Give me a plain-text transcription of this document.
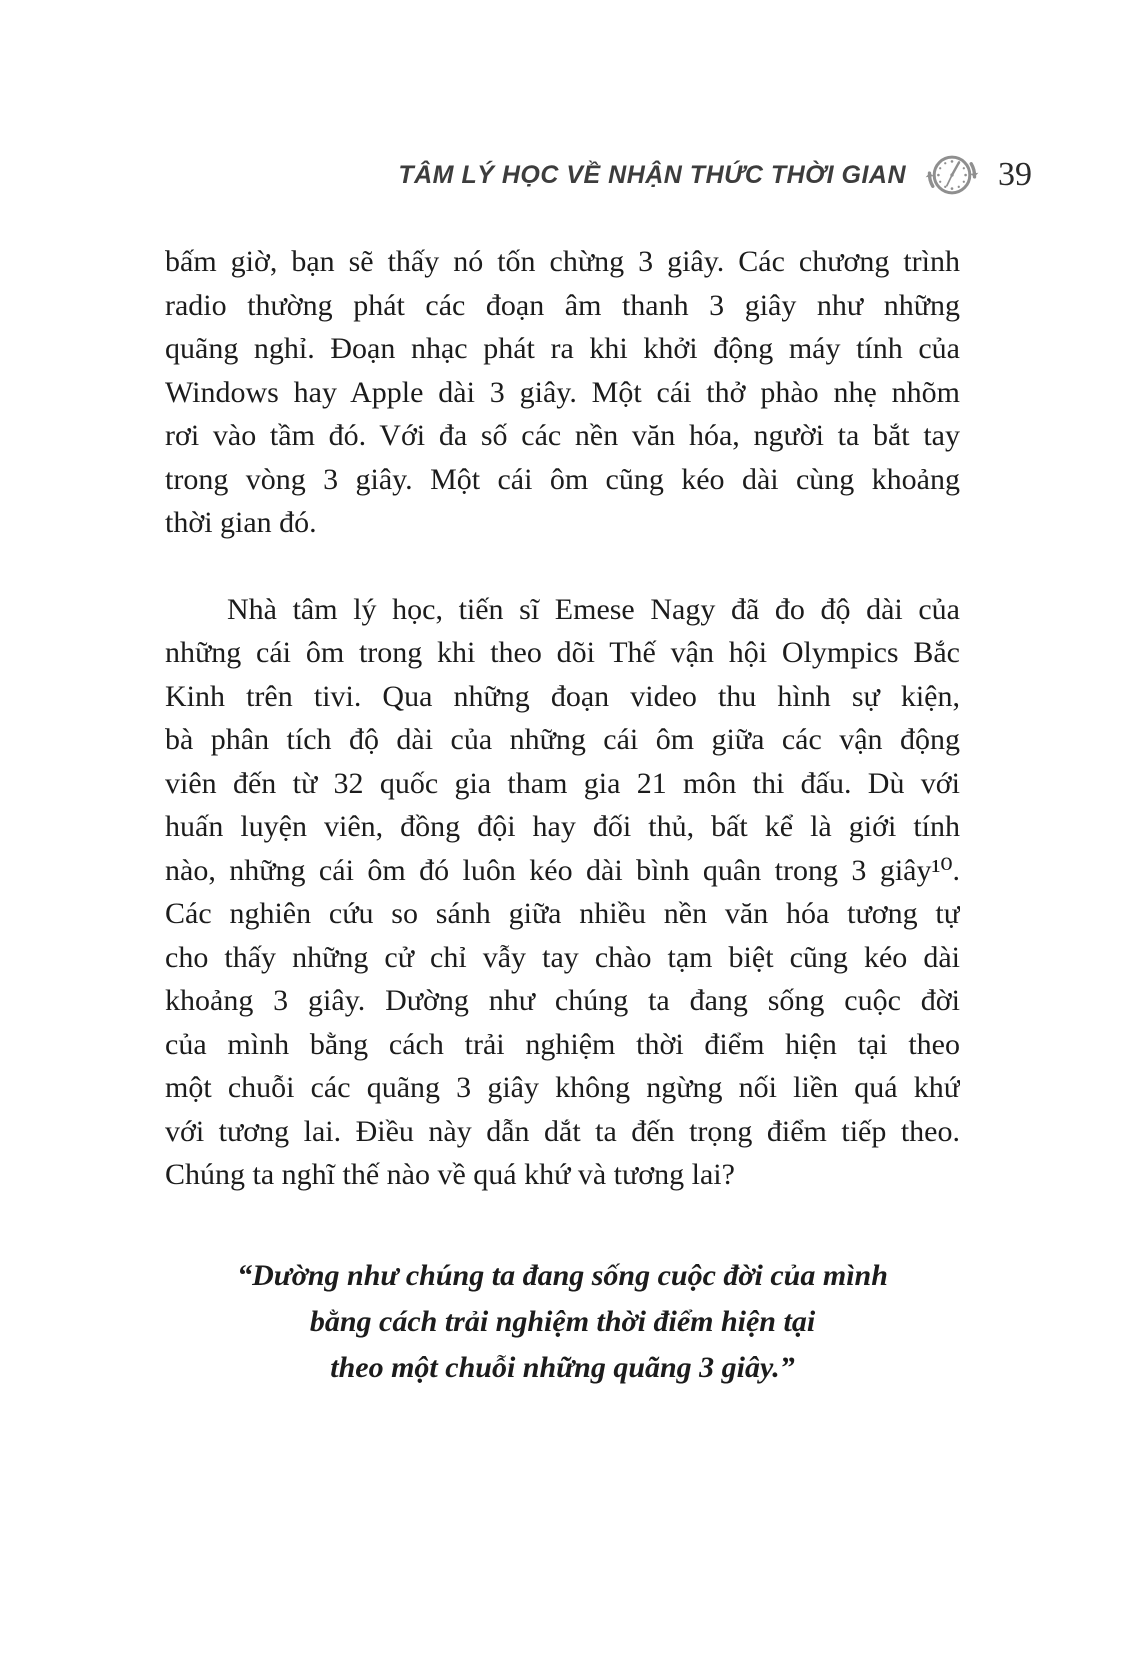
TÂM LÝ HỌC VỀ NHẬN THỨC THỜI GIAN	39
bấm giờ, bạn sẽ thấy nó tốn chừng 3 giây. Các chương trình
radio thường phát các đoạn âm thanh 3 giây như những
quãng nghỉ. Đoạn nhạc phát ra khi khởi động máy tính của
Windows hay Apple dài 3 giây. Một cái thở phào nhẹ nhõm
rơi vào tầm đó. Với đa số các nền văn hóa, người ta bắt tay
trong vòng 3 giây. Một cái ôm cũng kéo dài cùng khoảng
thời gian đó.
Nhà tâm lý học, tiến sĩ Emese Nagy đã đo độ dài của
những cái ôm trong khi theo dõi Thế vận hội Olympics Bắc
Kinh trên tivi. Qua những đoạn video thu hình sự kiện,
bà phân tích độ dài của những cái ôm giữa các vận động
viên đến từ 32 quốc gia tham gia 21 môn thi đấu. Dù với
huấn luyện viên, đồng đội hay đối thủ, bất kể là giới tính
nào, những cái ôm đó luôn kéo dài bình quân trong 3 giây¹⁰.
Các nghiên cứu so sánh giữa nhiều nền văn hóa tương tự
cho thấy những cử chỉ vẫy tay chào tạm biệt cũng kéo dài
khoảng 3 giây. Dường như chúng ta đang sống cuộc đời
của mình bằng cách trải nghiệm thời điểm hiện tại theo
một chuỗi các quãng 3 giây không ngừng nối liền quá khứ
với tương lai. Điều này dẫn dắt ta đến trọng điểm tiếp theo.
Chúng ta nghĩ thế nào về quá khứ và tương lai?
“Dường như chúng ta đang sống cuộc đời của mình
bằng cách trải nghiệm thời điểm hiện tại
theo một chuỗi những quãng 3 giây.”
